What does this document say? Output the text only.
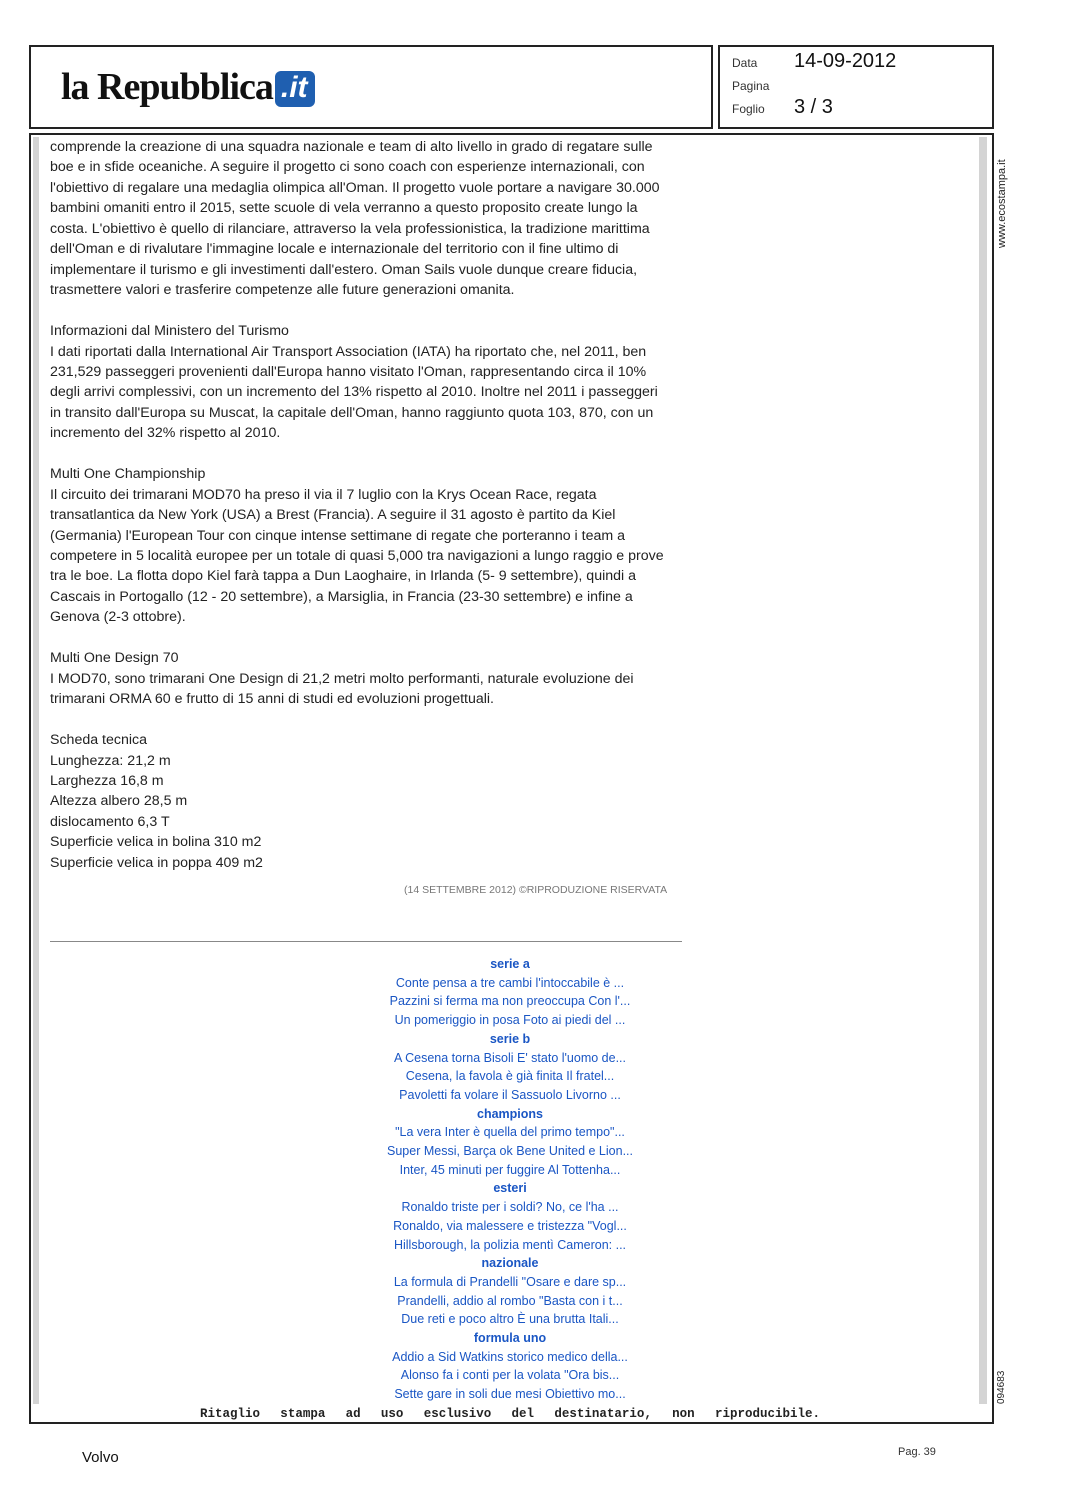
la Repubblica .it
Data 14-09-2012
Pagina
Foglio 3 / 3

comprende la creazione di una squadra nazionale e team di alto livello in grado di regatare sulle
boe e in sfide oceaniche. A seguire il progetto ci sono coach con esperienze internazionali, con
l'obiettivo di regalare una medaglia olimpica all'Oman. Il progetto vuole portare a navigare 30.000
bambini omaniti entro il 2015, sette scuole di vela verranno a questo proposito create lungo la
costa. L'obiettivo è quello di rilanciare, attraverso la vela professionistica, la tradizione marittima
dell'Oman e di rivalutare l'immagine locale e internazionale del territorio con il fine ultimo di
implementare il turismo e gli investimenti dall'estero. Oman Sails vuole dunque creare fiducia,
trasmettere valori e trasferire competenze alle future generazioni omanita.

Informazioni dal Ministero del Turismo
I dati riportati dalla International Air Transport Association (IATA) ha riportato che, nel 2011, ben
231,529 passeggeri provenienti dall'Europa hanno visitato l'Oman, rappresentando circa il 10%
degli arrivi complessivi, con un incremento del 13% rispetto al 2010. Inoltre nel 2011 i passeggeri
in transito dall'Europa su Muscat, la capitale dell'Oman, hanno raggiunto quota 103, 870, con un
incremento del 32% rispetto al 2010.

Multi One Championship
Il circuito dei trimarani MOD70 ha preso il via il 7 luglio con la Krys Ocean Race, regata
transatlantica da New York (USA) a Brest (Francia). A seguire il 31 agosto è partito da Kiel
(Germania) l'European Tour con cinque intense settimane di regate che porteranno i team a
competere in 5 località europee per un totale di quasi 5,000 tra navigazioni a lungo raggio e prove
tra le boe. La flotta dopo Kiel farà tappa a Dun Laoghaire, in Irlanda (5- 9 settembre), quindi a
Cascais in Portogallo (12 - 20 settembre), a Marsiglia, in Francia (23-30 settembre) e infine a
Genova (2-3 ottobre).

Multi One Design 70
I MOD70, sono trimarani One Design di 21,2 metri molto performanti, naturale evoluzione dei
trimarani ORMA 60 e frutto di 15 anni di studi ed evoluzioni progettuali.

Scheda tecnica
Lunghezza: 21,2 m
Larghezza 16,8 m
Altezza albero 28,5 m
dislocamento 6,3 T
Superficie velica in bolina 310 m2
Superficie velica in poppa 409 m2

(14 SETTEMBRE 2012) ©RIPRODUZIONE RISERVATA
serie a
Conte pensa a tre cambi l'intoccabile è ...
Pazzini si ferma ma non preoccupa Con l'...
Un pomeriggio in posa Foto ai piedi del ...
serie b
A Cesena torna Bisoli E' stato l'uomo de...
Cesena, la favola è già finita Il fratel...
Pavoletti fa volare il Sassuolo Livorno ...
champions
"La vera Inter è quella del primo tempo"...
Super Messi, Barça ok Bene United e Lion...
Inter, 45 minuti per fuggire Al Tottenha...
esteri
Ronaldo triste per i soldi? No, ce l'ha ...
Ronaldo, via malessere e tristezza "Vogl...
Hillsborough, la polizia mentì Cameron: ...
nazionale
La formula di Prandelli "Osare e dare sp...
Prandelli, addio al rombo "Basta con i t...
Due reti e poco altro È una brutta Itali...
formula uno
Addio a Sid Watkins storico medico della...
Alonso fa i conti per la volata "Ora bis...
Sette gare in soli due mesi Obiettivo mo...
Ritaglio stampa ad uso esclusivo del destinatario, non riproducibile.
www.ecostampa.it
094683
Volvo	Pag. 39
